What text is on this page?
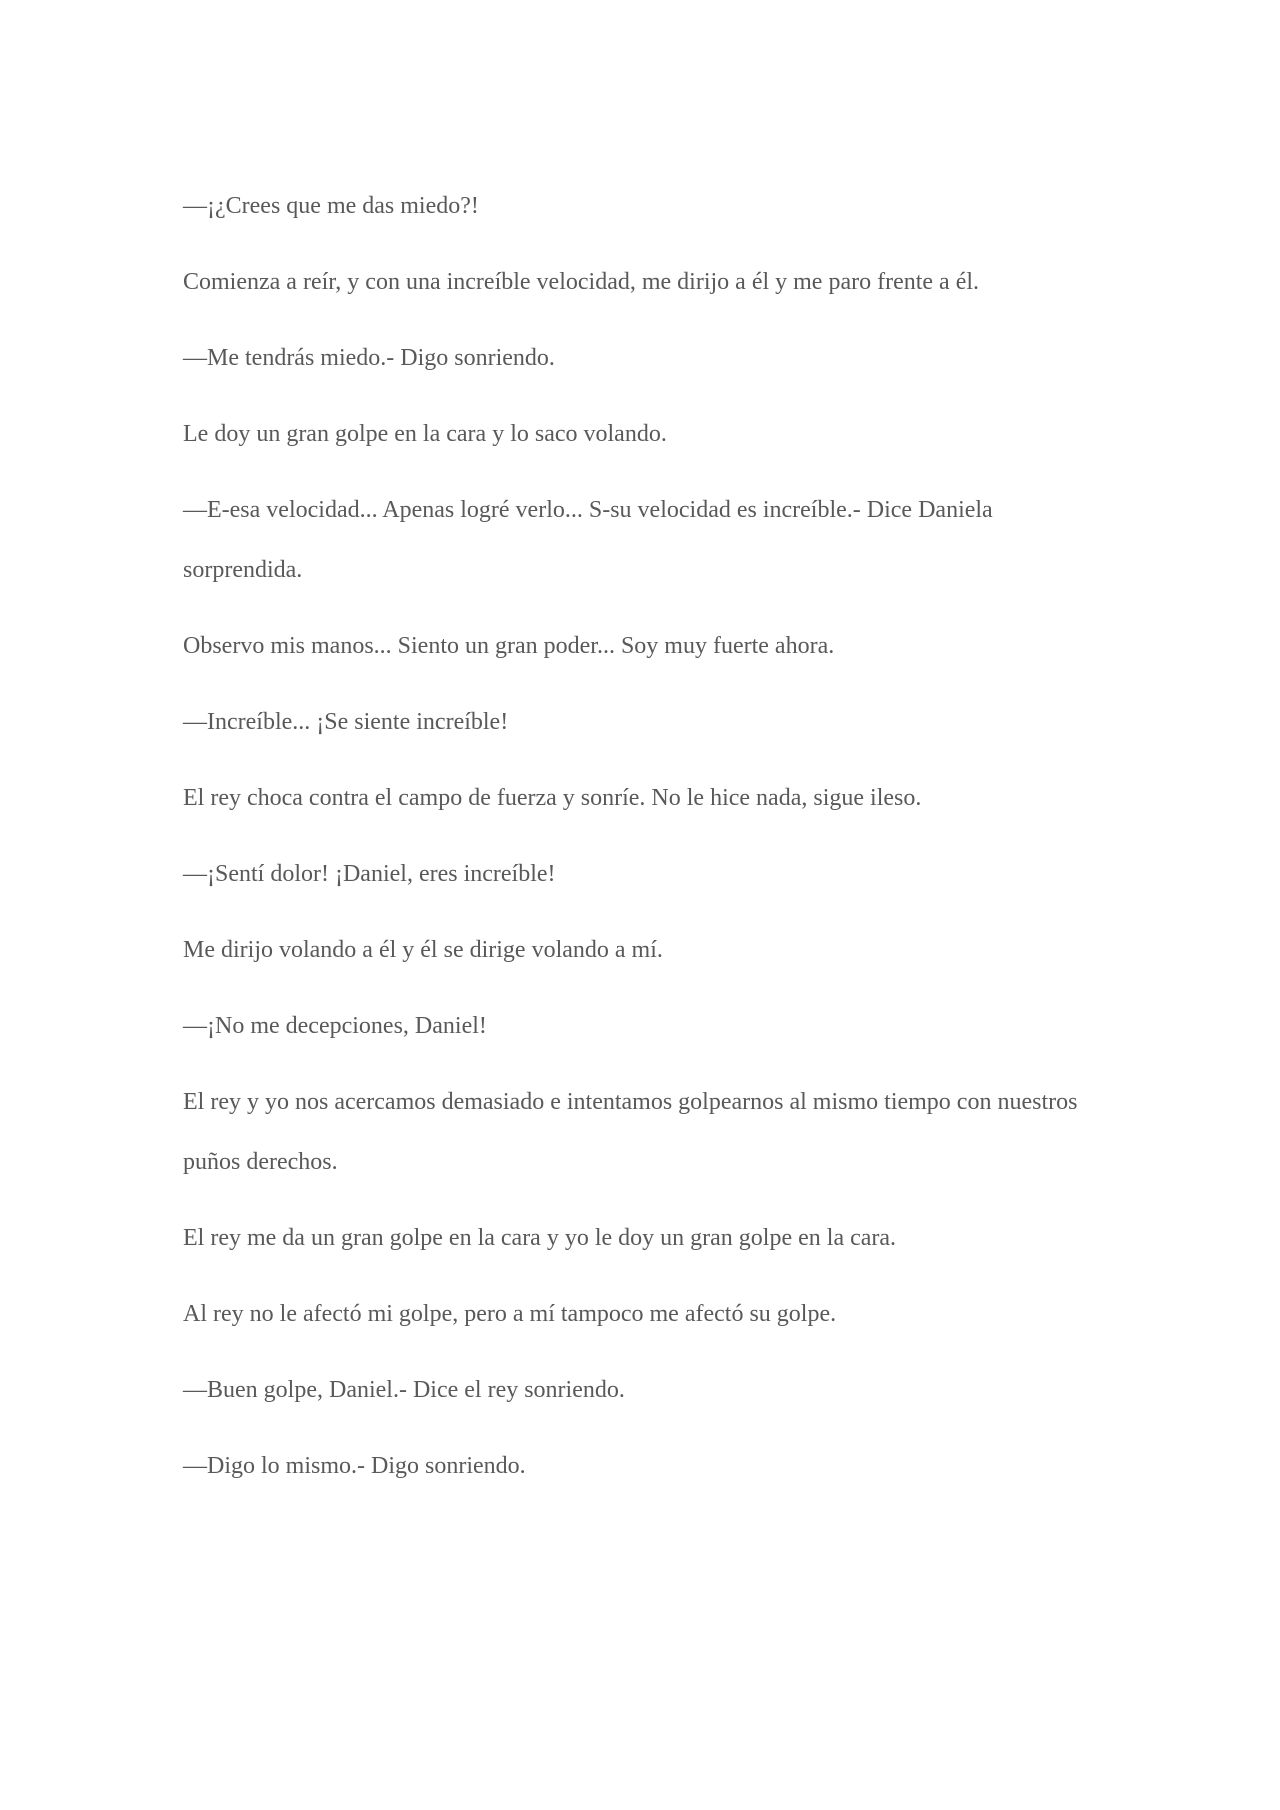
—¡¿Crees que me das miedo?!

Comienza a reír, y con una increíble velocidad, me dirijo a él y me paro frente a él.

—Me tendrás miedo.- Digo sonriendo.

Le doy un gran golpe en la cara y lo saco volando.

—E-esa velocidad... Apenas logré verlo... S-su velocidad es increíble.- Dice Daniela sorprendida.

Observo mis manos... Siento un gran poder... Soy muy fuerte ahora.

—Increíble... ¡Se siente increíble!

El rey choca contra el campo de fuerza y sonríe. No le hice nada, sigue ileso.

—¡Sentí dolor! ¡Daniel, eres increíble!

Me dirijo volando a él y él se dirige volando a mí.

—¡No me decepciones, Daniel!

El rey y yo nos acercamos demasiado e intentamos golpearnos al mismo tiempo con nuestros puños derechos.

El rey me da un gran golpe en la cara y yo le doy un gran golpe en la cara.

Al rey no le afectó mi golpe, pero a mí tampoco me afectó su golpe.

—Buen golpe, Daniel.- Dice el rey sonriendo.

—Digo lo mismo.- Digo sonriendo.
